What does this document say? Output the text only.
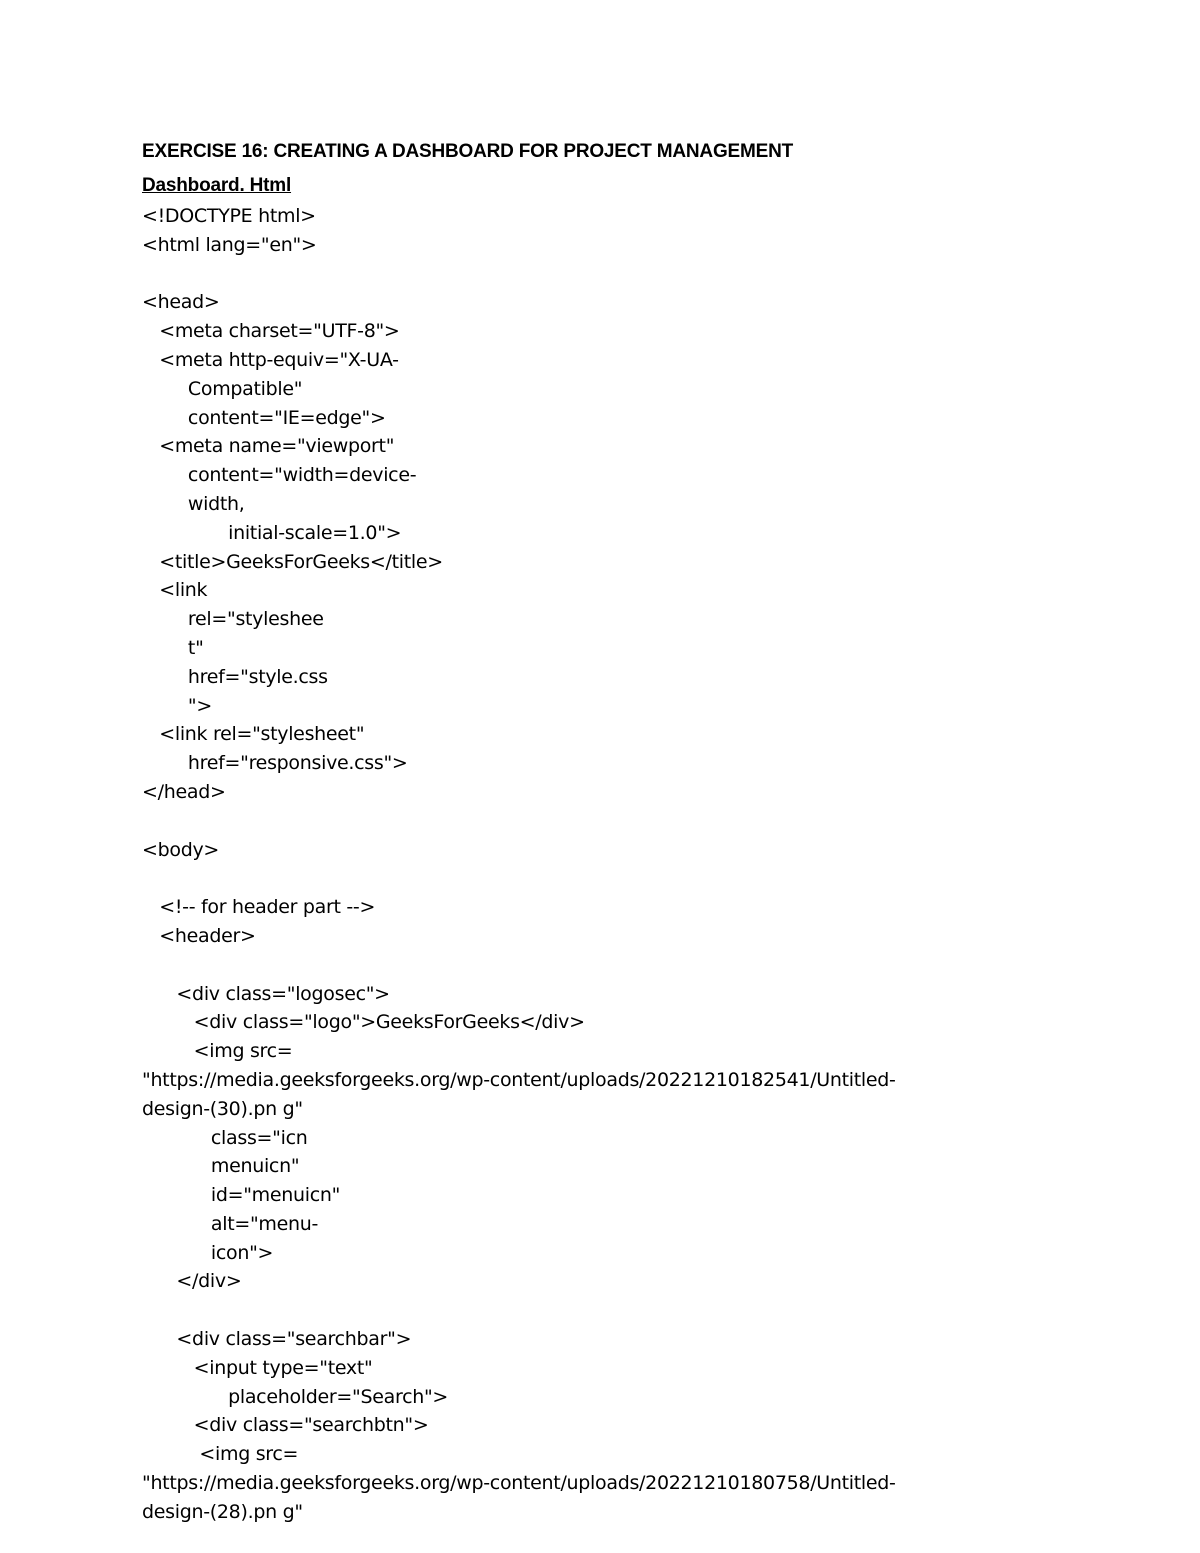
EXERCISE 16: CREATING A DASHBOARD FOR PROJECT MANAGEMENT
Dashboard. Html
<!DOCTYPE html>
<html lang="en">

<head>
<meta charset="UTF-8">
<meta http-equiv="X-UA-
Compatible"
content="IE=edge">
<meta name="viewport"
content="width=device-
width,
initial-scale=1.0">
<title>GeeksForGeeks</title>
<link
rel="styleshee
t"
href="style.css
">
<link rel="stylesheet"
href="responsive.css">
</head>

<body>

<!-- for header part -->
<header>

<div class="logosec">
<div class="logo">GeeksForGeeks</div>
<img src=
"https://media.geeksforgeeks.org/wp-content/uploads/20221210182541/Untitled-
design-(30).pn g"
class="icn
menuicn"
id="menuicn"
alt="menu-
icon">
</div>

<div class="searchbar">
<input type="text"
placeholder="Search">
<div class="searchbtn">
<img src=
"https://media.geeksforgeeks.org/wp-content/uploads/20221210180758/Untitled-
design-(28).pn g"
